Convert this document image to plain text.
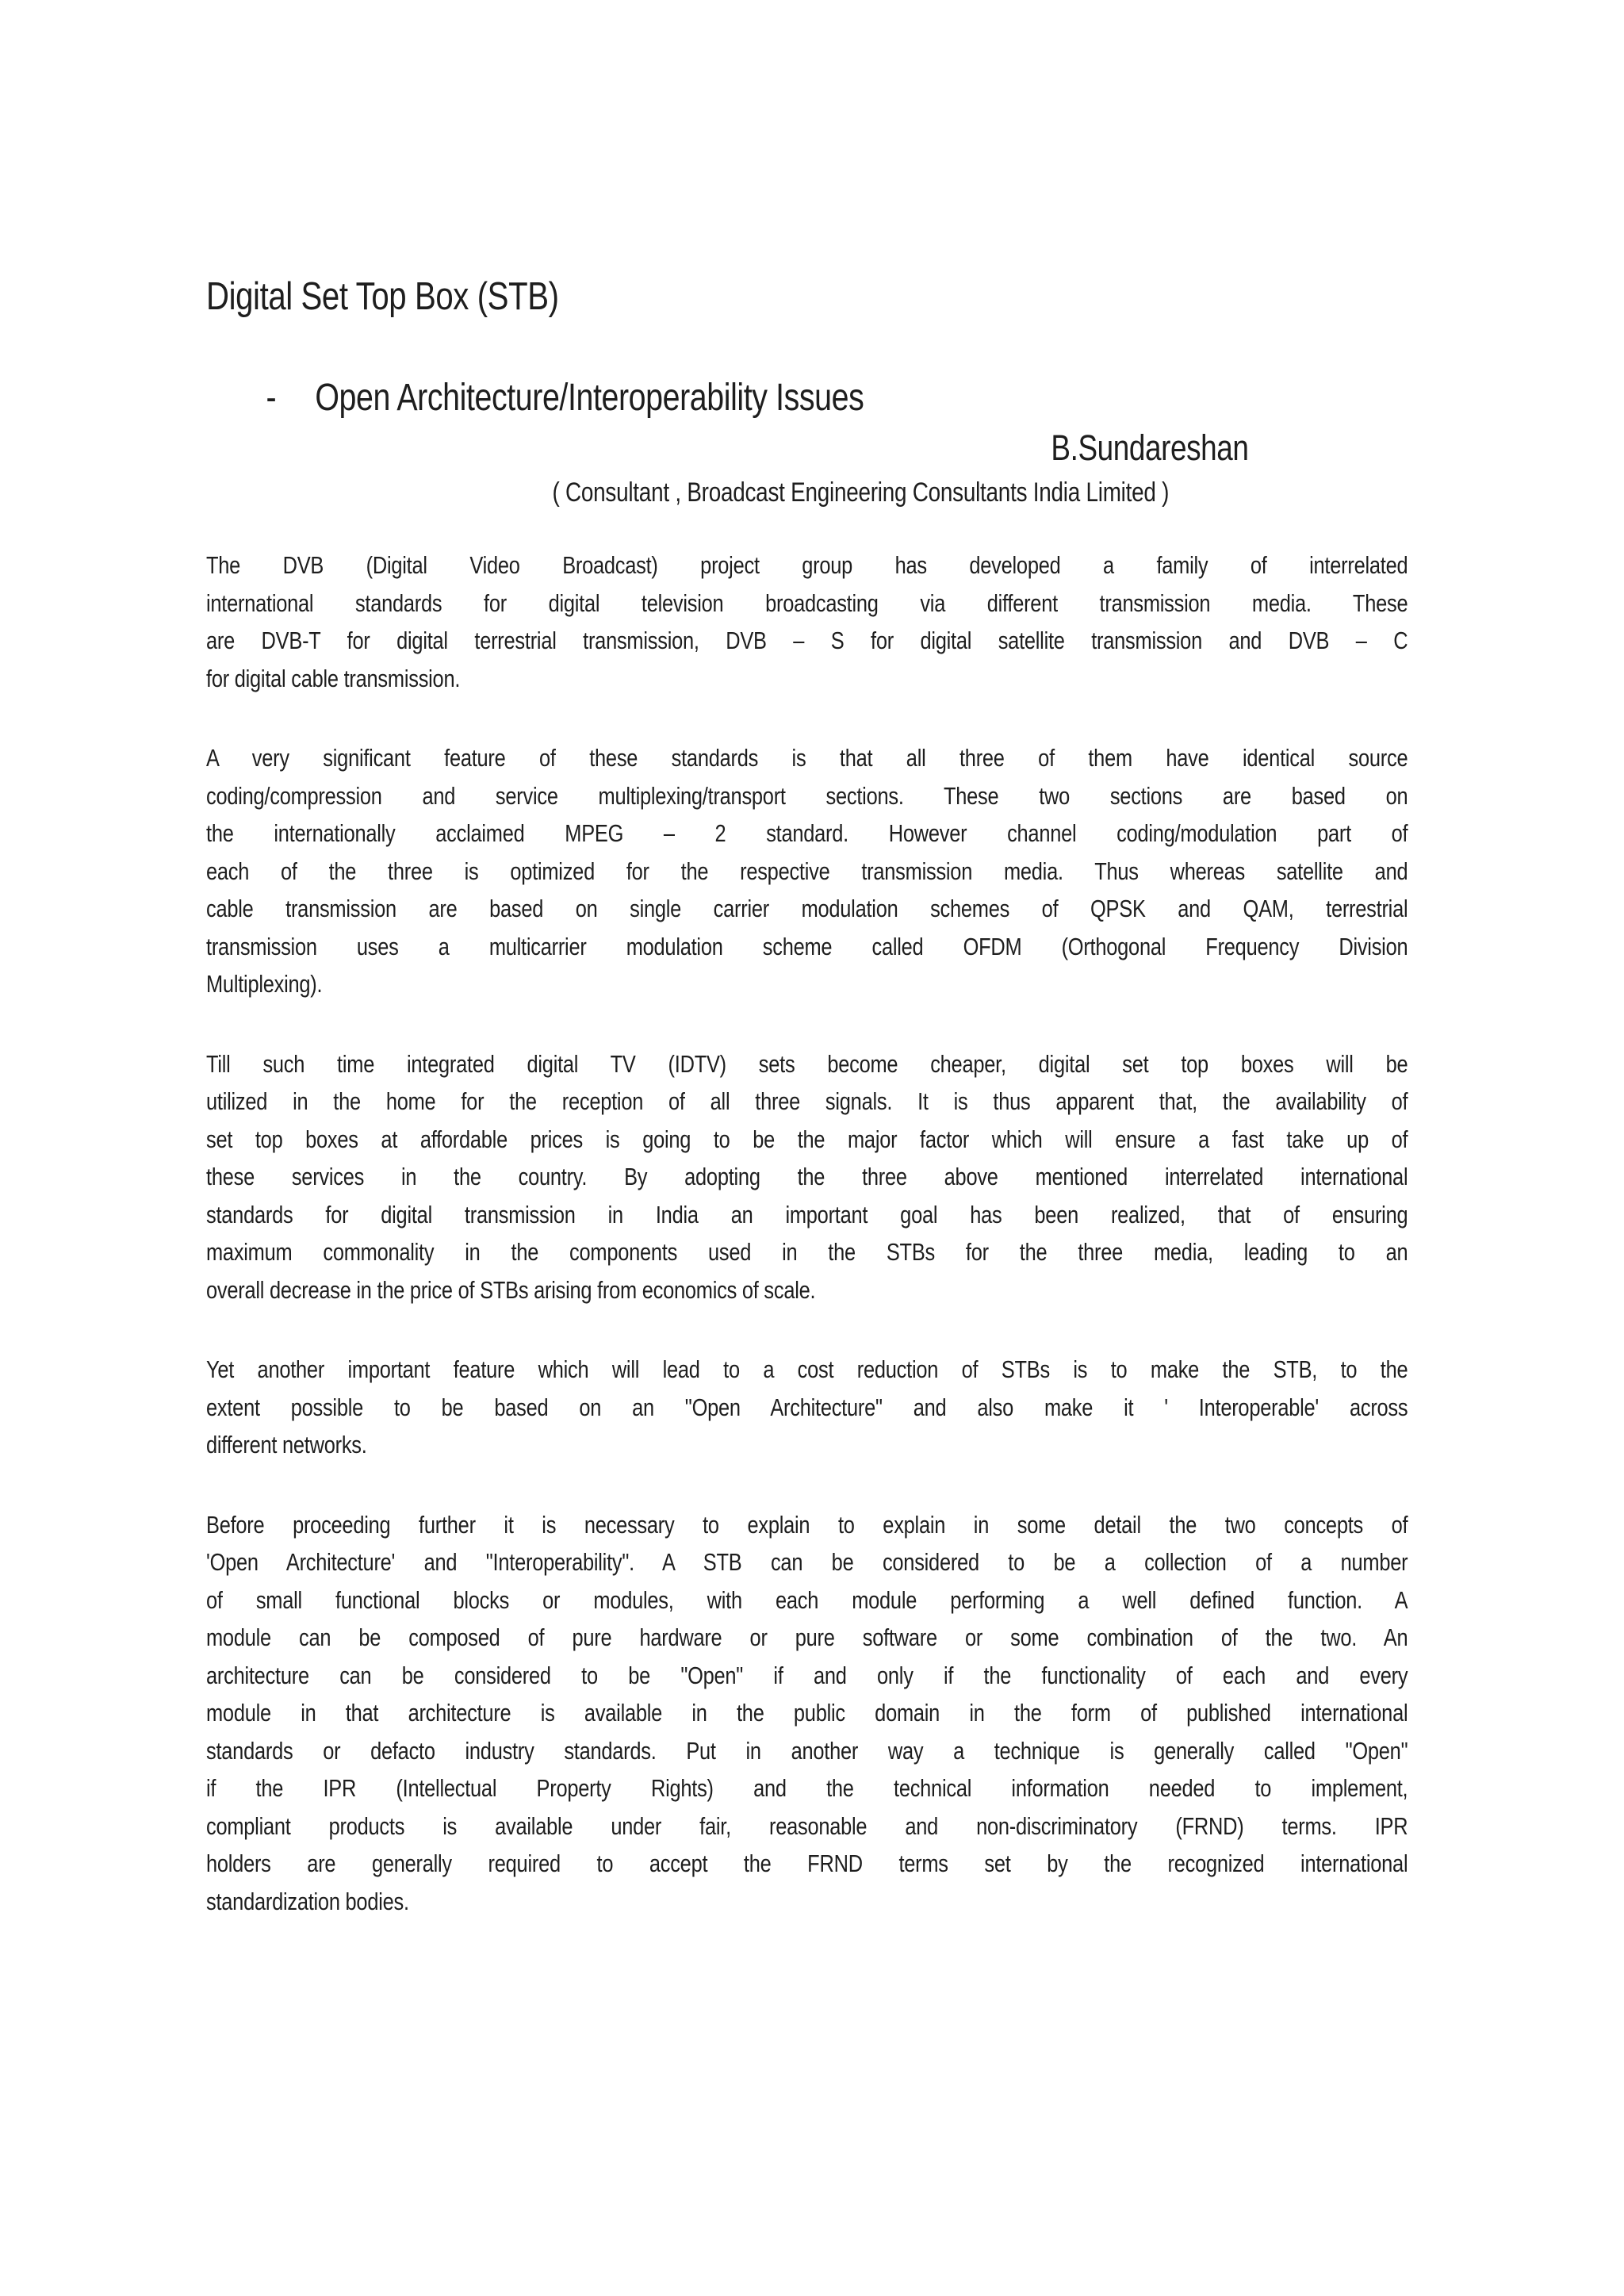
Digital Set Top Box (STB)
- Open Architecture/Interoperability Issues
B.Sundareshan
( Consultant , Broadcast Engineering Consultants India Limited )
The DVB (Digital Video Broadcast) project group has developed a family of interrelated
international standards for digital television broadcasting via different transmission media. These
are DVB-T for digital terrestrial transmission, DVB – S for digital satellite transmission and DVB – C
for digital cable transmission.
A very significant feature of these standards is that all three of them have identical source
coding/compression and service multiplexing/transport sections. These two sections are based on
the internationally acclaimed MPEG – 2 standard. However channel coding/modulation part of
each of the three is optimized for the respective transmission media. Thus whereas satellite and
cable transmission are based on single carrier modulation schemes of QPSK and QAM, terrestrial
transmission uses a multicarrier modulation scheme called OFDM (Orthogonal Frequency Division
Multiplexing).
Till such time integrated digital TV (IDTV) sets become cheaper, digital set top boxes will be
utilized in the home for the reception of all three signals. It is thus apparent that, the availability of
set top boxes at affordable prices is going to be the major factor which will ensure a fast take up of
these services in the country. By adopting the three above mentioned interrelated international
standards for digital transmission in India an important goal has been realized, that of ensuring
maximum commonality in the components used in the STBs for the three media, leading to an
overall decrease in the price of STBs arising from economics of scale.
Yet another important feature which will lead to a cost reduction of STBs is to make the STB, to the
extent possible to be based on an "Open Architecture" and also make it ' Interoperable' across
different networks.
Before proceeding further it is necessary to explain to explain in some detail the two concepts of
'Open Architecture' and "Interoperability". A STB can be considered to be a collection of a number
of small functional blocks or modules, with each module performing a well defined function. A
module can be composed of pure hardware or pure software or some combination of the two. An
architecture can be considered to be "Open" if and only if the functionality of each and every
module in that architecture is available in the public domain in the form of published international
standards or defacto industry standards. Put in another way a technique is generally called "Open"
if the IPR (Intellectual Property Rights) and the technical information needed to implement,
compliant products is available under fair, reasonable and non-discriminatory (FRND) terms. IPR
holders are generally required to accept the FRND terms set by the recognized international
standardization bodies.
